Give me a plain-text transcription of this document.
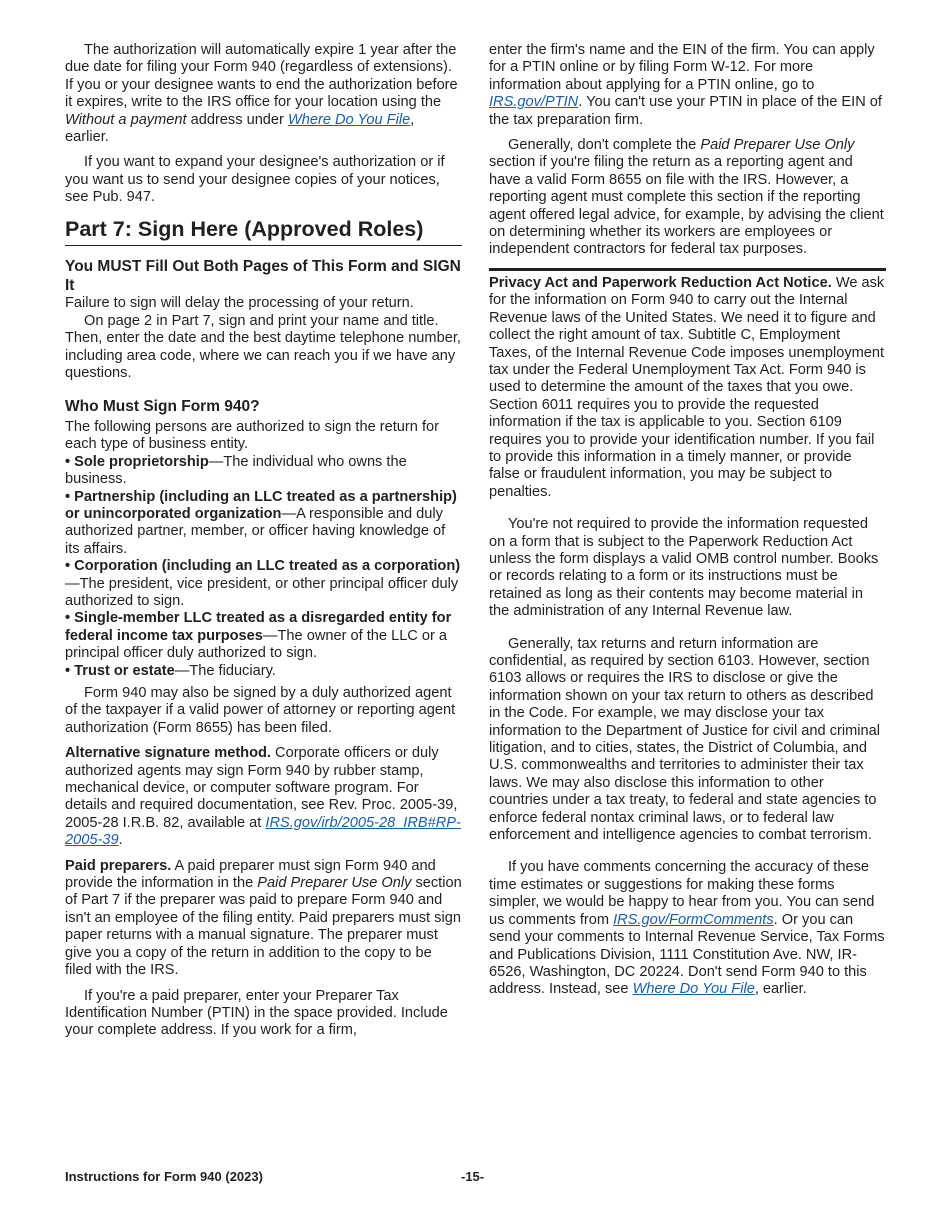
The authorization will automatically expire 1 year after the due date for filing your Form 940 (regardless of extensions). If you or your designee wants to end the authorization before it expires, write to the IRS office for your location using the Without a payment address under Where Do You File, earlier.

If you want to expand your designee's authorization or if you want us to send your designee copies of your notices, see Pub. 947.

Part 7: Sign Here (Approved Roles)
You MUST Fill Out Both Pages of This Form and SIGN It

Failure to sign will delay the processing of your return.

On page 2 in Part 7, sign and print your name and title. Then, enter the date and the best daytime telephone number, including area code, where we can reach you if we have any questions.

Who Must Sign Form 940?

The following persons are authorized to sign the return for each type of business entity.

• Sole proprietorship—The individual who owns the business.

• Partnership (including an LLC treated as a partnership) or unincorporated organization—A responsible and duly authorized partner, member, or officer having knowledge of its affairs.

• Corporation (including an LLC treated as a corporation)—The president, vice president, or other principal officer duly authorized to sign.

• Single-member LLC treated as a disregarded entity for federal income tax purposes—The owner of the LLC or a principal officer duly authorized to sign.

• Trust or estate—The fiduciary.

Form 940 may also be signed by a duly authorized agent of the taxpayer if a valid power of attorney or reporting agent authorization (Form 8655) has been filed.

Alternative signature method. Corporate officers or duly authorized agents may sign Form 940 by rubber stamp, mechanical device, or computer software program. For details and required documentation, see Rev. Proc. 2005-39, 2005-28 I.R.B. 82, available at IRS.gov/irb/2005-28_IRB#RP-2005-39.

Paid preparers. A paid preparer must sign Form 940 and provide the information in the Paid Preparer Use Only section of Part 7 if the preparer was paid to prepare Form 940 and isn't an employee of the filing entity. Paid preparers must sign paper returns with a manual signature. The preparer must give you a copy of the return in addition to the copy to be filed with the IRS.

If you're a paid preparer, enter your Preparer Tax Identification Number (PTIN) in the space provided. Include your complete address. If you work for a firm,

enter the firm's name and the EIN of the firm. You can apply for a PTIN online or by filing Form W-12. For more information about applying for a PTIN online, go to IRS.gov/PTIN. You can't use your PTIN in place of the EIN of the tax preparation firm.

Generally, don't complete the Paid Preparer Use Only section if you're filing the return as a reporting agent and have a valid Form 8655 on file with the IRS. However, a reporting agent must complete this section if the reporting agent offered legal advice, for example, by advising the client on determining whether its workers are employees or independent contractors for federal tax purposes.

Privacy Act and Paperwork Reduction Act Notice. We ask for the information on Form 940 to carry out the Internal Revenue laws of the United States. We need it to figure and collect the right amount of tax. Subtitle C, Employment Taxes, of the Internal Revenue Code imposes unemployment tax under the Federal Unemployment Tax Act. Form 940 is used to determine the amount of the taxes that you owe. Section 6011 requires you to provide the requested information if the tax is applicable to you. Section 6109 requires you to provide your identification number. If you fail to provide this information in a timely manner, or provide false or fraudulent information, you may be subject to penalties.

You're not required to provide the information requested on a form that is subject to the Paperwork Reduction Act unless the form displays a valid OMB control number. Books or records relating to a form or its instructions must be retained as long as their contents may become material in the administration of any Internal Revenue law.

Generally, tax returns and return information are confidential, as required by section 6103. However, section 6103 allows or requires the IRS to disclose or give the information shown on your tax return to others as described in the Code. For example, we may disclose your tax information to the Department of Justice for civil and criminal litigation, and to cities, states, the District of Columbia, and U.S. commonwealths and territories to administer their tax laws. We may also disclose this information to other countries under a tax treaty, to federal and state agencies to enforce federal nontax criminal laws, or to federal law enforcement and intelligence agencies to combat terrorism.

If you have comments concerning the accuracy of these time estimates or suggestions for making these forms simpler, we would be happy to hear from you. You can send us comments from IRS.gov/FormComments. Or you can send your comments to Internal Revenue Service, Tax Forms and Publications Division, 1111 Constitution Ave. NW, IR-6526, Washington, DC 20224. Don't send Form 940 to this address. Instead, see Where Do You File, earlier.

Instructions for Form 940 (2023)	-15-
